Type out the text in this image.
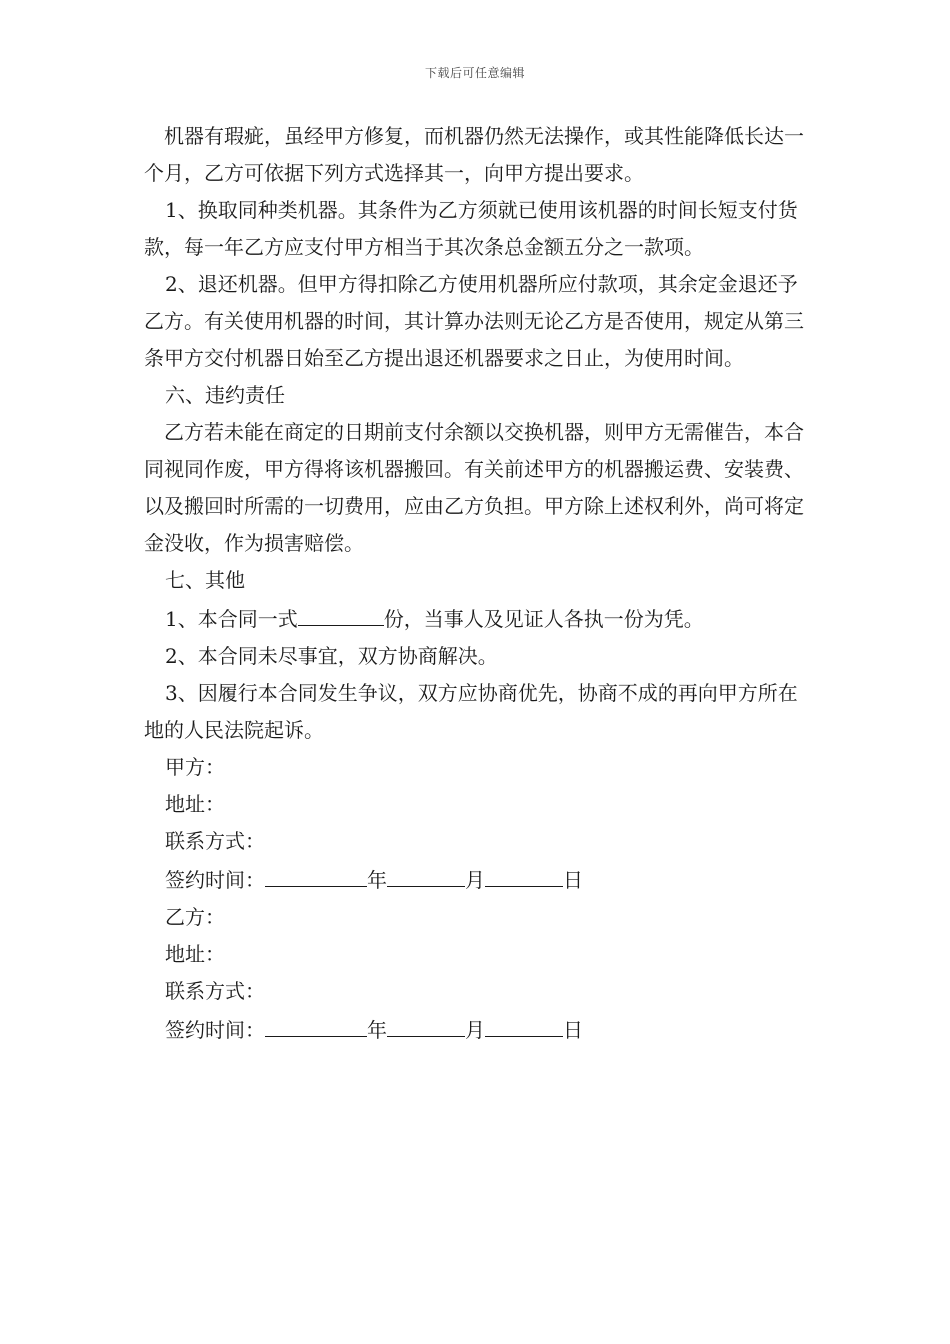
下载后可任意编辑

机器有瑕疵，虽经甲方修复，而机器仍然无法操作，或其性能降低长达一个月，乙方可依据下列方式选择其一，向甲方提出要求。

1、换取同种类机器。其条件为乙方须就已使用该机器的时间长短支付货款，每一年乙方应支付甲方相当于其次条总金额五分之一款项。

2、退还机器。但甲方得扣除乙方使用机器所应付款项，其余定金退还予乙方。有关使用机器的时间，其计算办法则无论乙方是否使用，规定从第三条甲方交付机器日始至乙方提出退还机器要求之日止，为使用时间。

六、违约责任

乙方若未能在商定的日期前支付余额以交换机器，则甲方无需催告，本合同视同作废，甲方得将该机器搬回。有关前述甲方的机器搬运费、安装费、以及搬回时所需的一切费用，应由乙方负担。甲方除上述权利外，尚可将定金没收，作为损害赔偿。

七、其他

1、本合同一式	份，当事人及见证人各执一份为凭。

2、本合同未尽事宜，双方协商解决。

3、因履行本合同发生争议，双方应协商优先，协商不成的再向甲方所在地的人民法院起诉。

甲方：
地址：
联系方式：
签约时间：	年	月	日
乙方：
地址：
联系方式：
签约时间：	年	月	日
